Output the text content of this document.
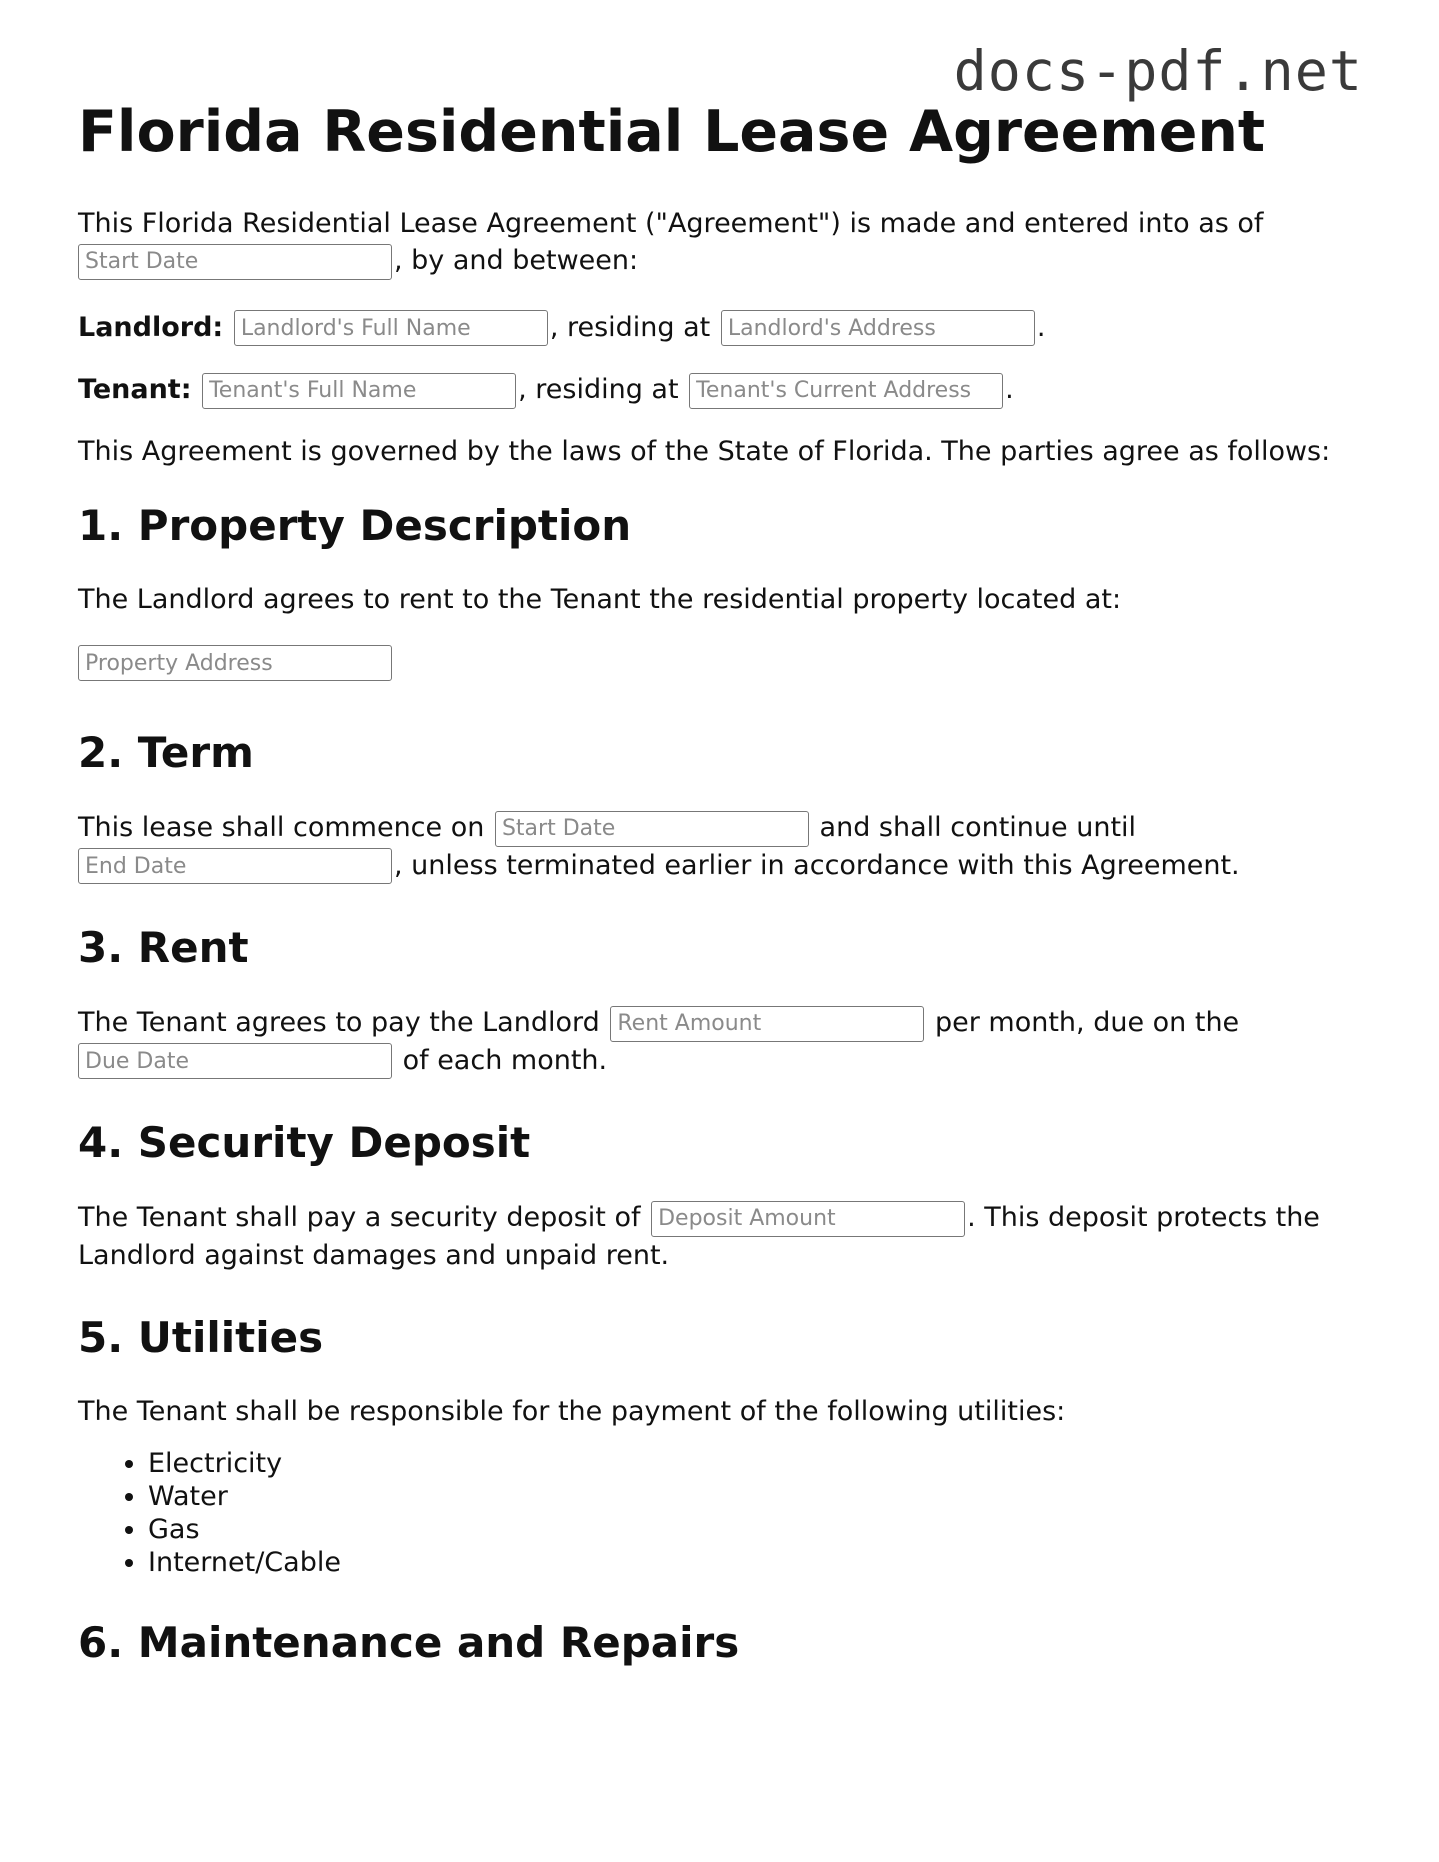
docs-pdf.net
Florida Residential Lease Agreement

This Florida Residential Lease Agreement ("Agreement") is made and entered into as of
Start Date, by and between:

Landlord: Landlord's Full Name	, residing at Landlord's Address	.

Tenant: Tenant's Full Name	, residing at Tenant's Current Address	.

This Agreement is governed by the laws of the State of Florida. The parties agree as follows:

1. Property Description

The Landlord agrees to rent to the Tenant the residential property located at:

Property Address
2. Term

This lease shall commence on Start Date	and shall continue until
End Date, unless terminated earlier in accordance with this Agreement.

3. Rent

The Tenant agrees to pay the Landlord Rent Amount	per month, due on the
Due Date of each month.

4. Security Deposit

The Tenant shall pay a security deposit of Deposit Amount	. This deposit protects the Landlord against damages and unpaid rent.

5. Utilities

The Tenant shall be responsible for the payment of the following utilities:

• Electricity
• Water
• Gas
• Internet/Cable
6. Maintenance and Repairs
